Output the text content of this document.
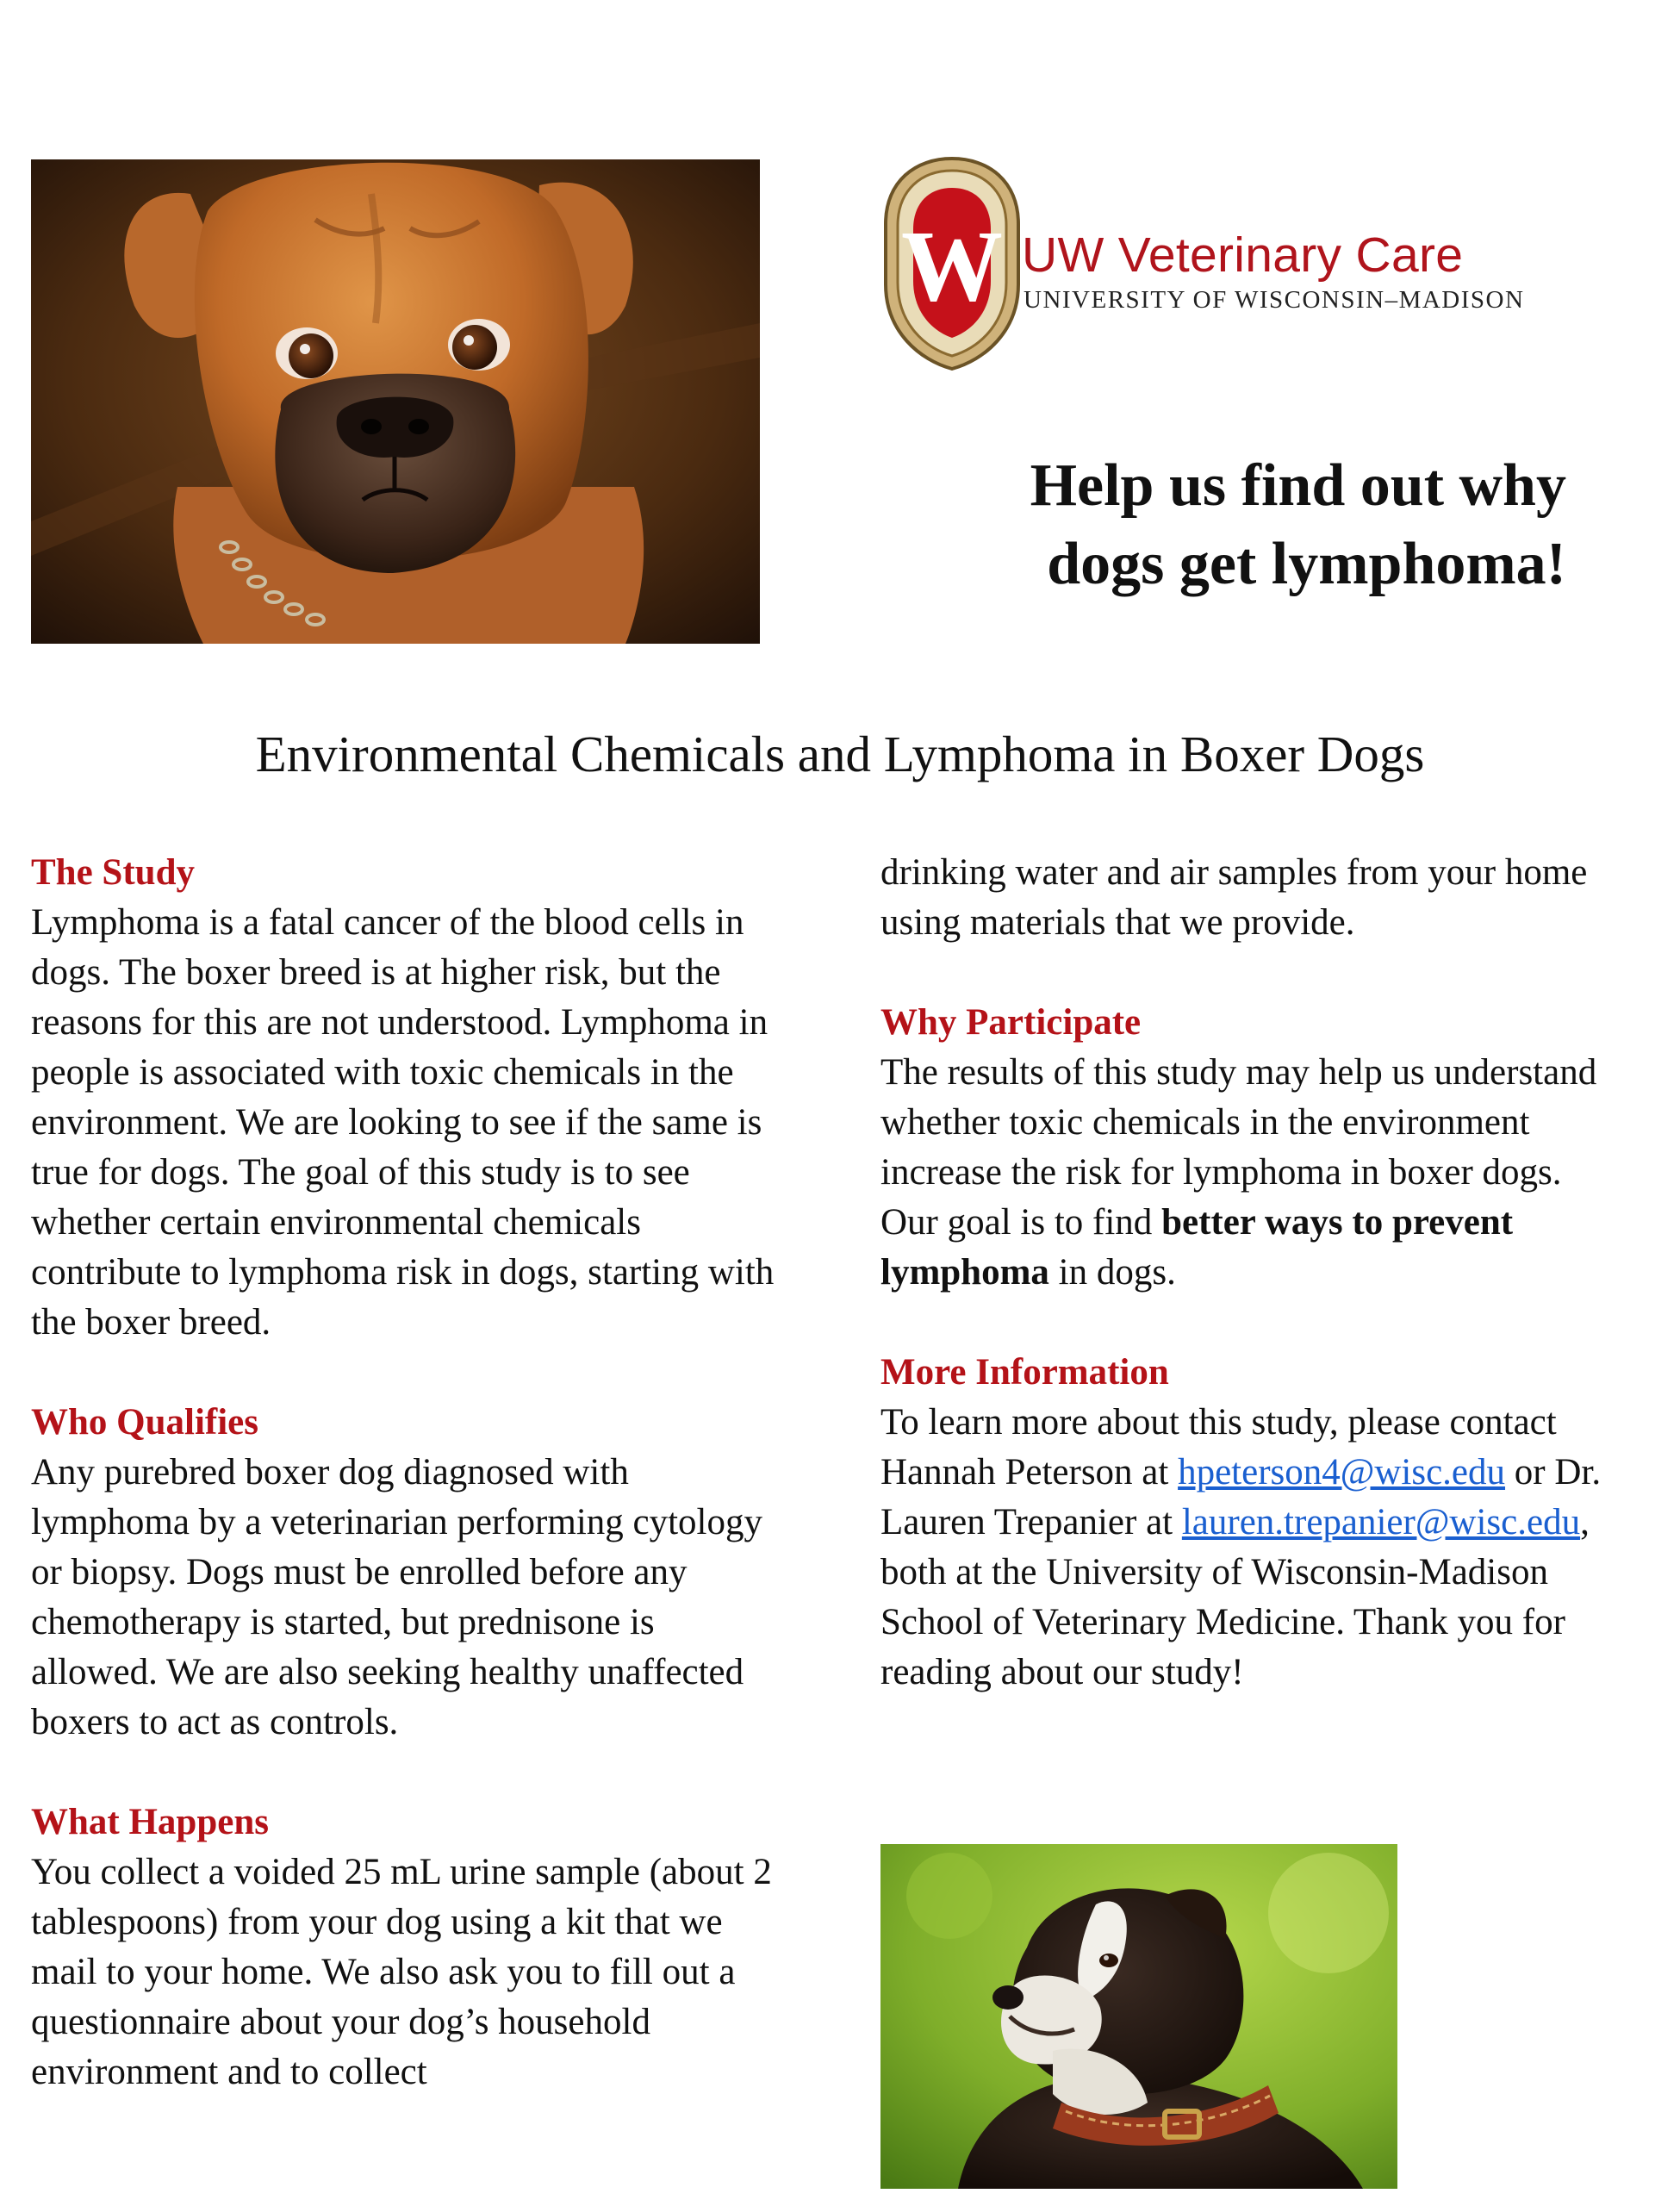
W UW Veterinary Care
UNIVERSITY OF WISCONSIN–MADISON
Help us find out why
dogs get lymphoma!
Environmental Chemicals and Lymphoma in Boxer Dogs

The Study

Lymphoma is a fatal cancer of the blood cells in dogs. The boxer breed is at higher risk, but the reasons for this are not understood. Lymphoma in people is associated with toxic chemicals in the environment. We are looking to see if the same is true for dogs. The goal of this study is to see whether certain environmental chemicals contribute to lymphoma risk in dogs, starting with the boxer breed.

Who Qualifies

Any purebred boxer dog diagnosed with lymphoma by a veterinarian performing cytology or biopsy. Dogs must be enrolled before any chemotherapy is started, but prednisone is allowed. We are also seeking healthy unaffected boxers to act as controls.

What Happens

You collect a voided 25 mL urine sample (about 2 tablespoons) from your dog using a kit that we mail to your home. We also ask you to fill out a questionnaire about your dog’s household environment and to collect

drinking water and air samples from your home using materials that we provide.

Why Participate

The results of this study may help us understand whether toxic chemicals in the environment increase the risk for lymphoma in boxer dogs. Our goal is to find better ways to prevent lymphoma in dogs.

More Information

To learn more about this study, please contact Hannah Peterson at hpeterson4@wisc.edu or Dr. Lauren Trepanier at lauren.trepanier@wisc.edu, both at the University of Wisconsin-Madison School of Veterinary Medicine. Thank you for reading about our study!
